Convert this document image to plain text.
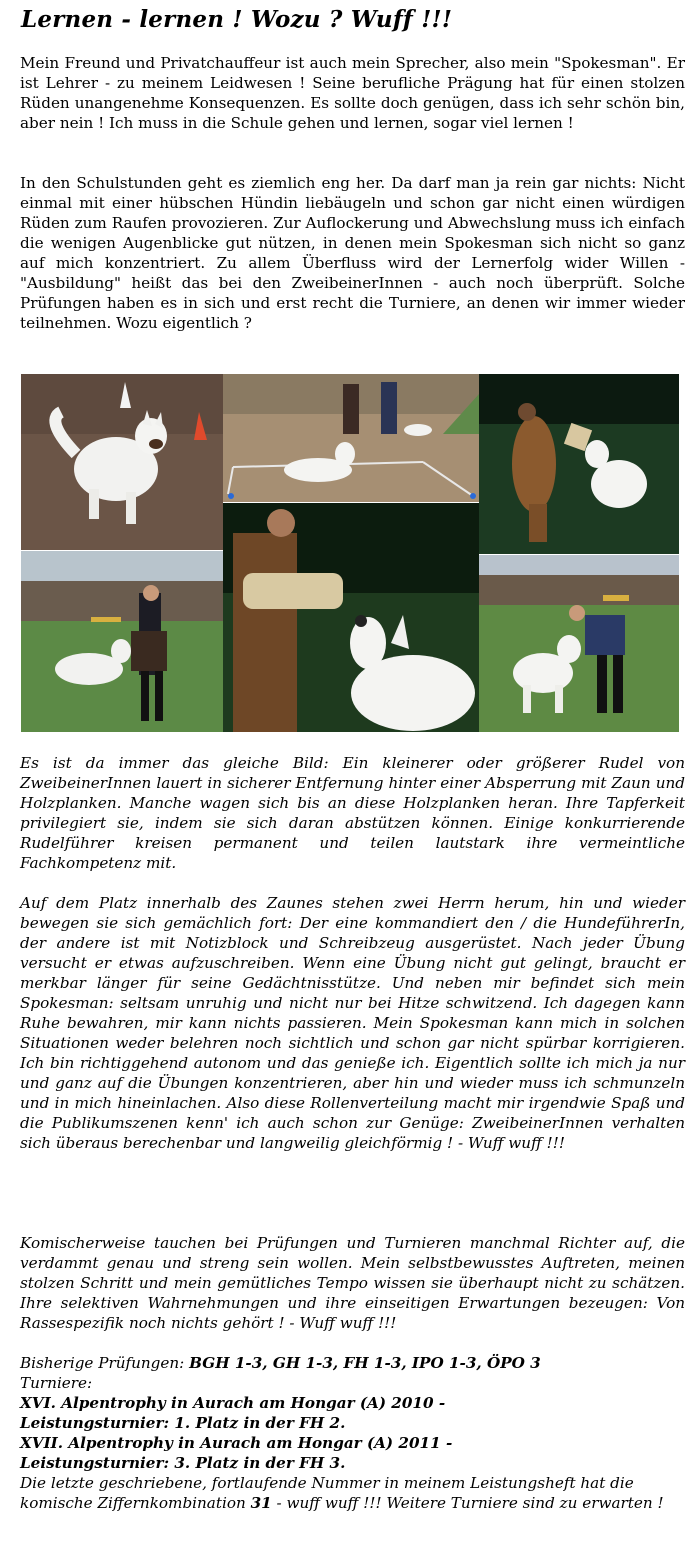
Lernen - lernen ! Wozu ? Wuff !!!

Mein Freund und Privatchauffeur ist auch mein Sprecher, also mein "Spokesman". Er ist Lehrer - zu meinem Leidwesen ! Seine berufliche Prägung hat für einen stolzen Rüden unangenehme Konsequenzen. Es sollte doch genügen, dass ich sehr schön bin, aber nein ! Ich muss in die Schule gehen und lernen, sogar viel lernen !

In den Schulstunden geht es ziemlich eng her. Da darf man ja rein gar nichts: Nicht einmal mit einer hübschen Hündin liebäugeln und schon gar nicht einen würdigen Rüden zum Raufen provozieren. Zur Auflockerung und Abwechslung muss ich einfach die wenigen Augenblicke gut nützen, in denen mein Spokesman sich nicht so ganz auf mich konzentriert. Zu allem Überfluss wird der Lernerfolg wider Willen - "Ausbildung" heißt das bei den ZweibeinerInnen - auch noch überprüft. Solche Prüfungen haben es in sich und erst recht die Turniere, an denen wir immer wieder teilnehmen. Wozu eigentlich ?

Es ist da immer das gleiche Bild: Ein kleinerer oder größerer Rudel von ZweibeinerInnen lauert in sicherer Entfernung hinter einer Absperrung mit Zaun und Holzplanken. Manche wagen sich bis an diese Holzplanken heran. Ihre Tapferkeit privilegiert sie, indem sie sich daran abstützen können. Einige konkurrierende Rudelführer kreisen permanent und teilen lautstark ihre vermeintliche Fachkompetenz mit.

Auf dem Platz innerhalb des Zaunes stehen zwei Herrn herum, hin und wieder bewegen sie sich gemächlich fort: Der eine kommandiert den / die HundeführerIn, der andere ist mit Notizblock und Schreibzeug ausgerüstet. Nach jeder Übung versucht er etwas aufzuschreiben. Wenn eine Übung nicht gut gelingt, braucht er merkbar länger für seine Gedächtnisstütze. Und neben mir befindet sich mein Spokesman: seltsam unruhig und nicht nur bei Hitze schwitzend. Ich dagegen kann Ruhe bewahren, mir kann nichts passieren. Mein Spokesman kann mich in solchen Situationen weder belehren noch sichtlich und schon gar nicht spürbar korrigieren. Ich bin richtiggehend autonom und das genieße ich. Eigentlich sollte ich mich ja nur und ganz auf die Übungen konzentrieren, aber hin und wieder muss ich schmunzeln und in mich hineinlachen. Also diese Rollenverteilung macht mir irgendwie Spaß und die Publikumszenen kenn' ich auch schon zur Genüge: ZweibeinerInnen verhalten sich überaus berechenbar und langweilig gleichförmig ! - Wuff wuff !!!

Komischerweise tauchen bei Prüfungen und Turnieren manchmal Richter auf, die verdammt genau und streng sein wollen. Mein selbstbewusstes Auftreten, meinen stolzen Schritt und mein gemütliches Tempo wissen sie überhaupt nicht zu schätzen. Ihre selektiven Wahrnehmungen und ihre einseitigen Erwartungen bezeugen: Von Rassespezifik noch nichts gehört ! - Wuff wuff !!!

Bisherige Prüfungen: BGH 1-3, GH 1-3, FH 1-3, IPO 1-3, ÖPO 3
Turniere:
XVI. Alpentrophy in Aurach am Hongar (A) 2010 -
Leistungsturnier: 1. Platz in der FH 2.
XVII. Alpentrophy in Aurach am Hongar (A) 2011 -
Leistungsturnier: 3. Platz in der FH 3.
Die letzte geschriebene, fortlaufende Nummer in meinem Leistungsheft hat die komische Ziffernkombination 31 - wuff wuff !!! Weitere Turniere sind zu erwarten !
